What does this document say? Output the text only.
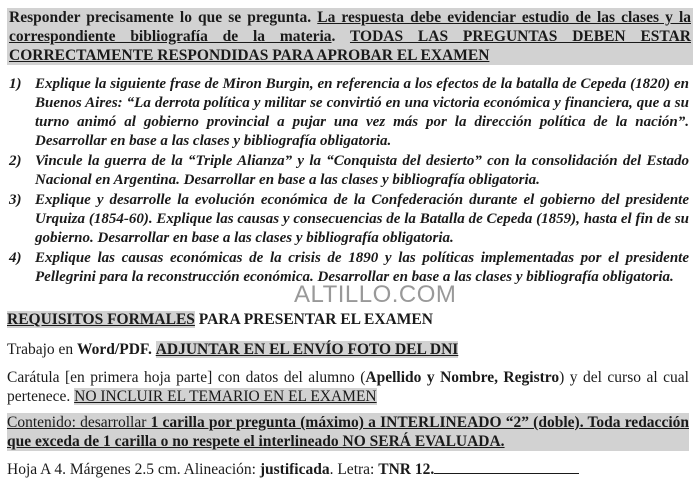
Responder precisamente lo que se pregunta. La respuesta debe evidenciar estudio de las clases y la correspondiente bibliografía de la materia. TODAS LAS PREGUNTAS DEBEN ESTAR CORRECTAMENTE RESPONDIDAS PARA APROBAR EL EXAMEN
1) Explique la siguiente frase de Miron Burgin, en referencia a los efectos de la batalla de Cepeda (1820) en Buenos Aires: “La derrota política y militar se convirtió en una victoria económica y financiera, que a su turno animó al gobierno provincial a pujar una vez más por la dirección política de la nación”. Desarrollar en base a las clases y bibliografía obligatoria.
2) Vincule la guerra de la “Triple Alianza” y la “Conquista del desierto” con la consolidación del Estado Nacional en Argentina. Desarrollar en base a las clases y bibliografía obligatoria.
3) Explique y desarrolle la evolución económica de la Confederación durante el gobierno del presidente Urquiza (1854-60). Explique las causas y consecuencias de la Batalla de Cepeda (1859), hasta el fin de su gobierno. Desarrollar en base a las clases y bibliografía obligatoria.
4) Explique las causas económicas de la crisis de 1890 y las políticas implementadas por el presidente Pellegrini para la reconstrucción económica. Desarrollar en base a las clases y bibliografía obligatoria.
ALTILLO.COM
REQUISITOS FORMALES PARA PRESENTAR EL EXAMEN
Trabajo en Word/PDF. ADJUNTAR EN EL ENVÍO FOTO DEL DNI
Carátula [en primera hoja parte] con datos del alumno (Apellido y Nombre, Registro) y del curso al cual pertenece. NO INCLUIR EL TEMARIO EN EL EXAMEN
Contenido: desarrollar 1 carilla por pregunta (máximo) a INTERLINEADO “2” (doble). Toda redacción que exceda de 1 carilla o no respete el interlineado NO SERÁ EVALUADA.
Hoja A 4. Márgenes 2.5 cm. Alineación: justificada. Letra: TNR 12.
